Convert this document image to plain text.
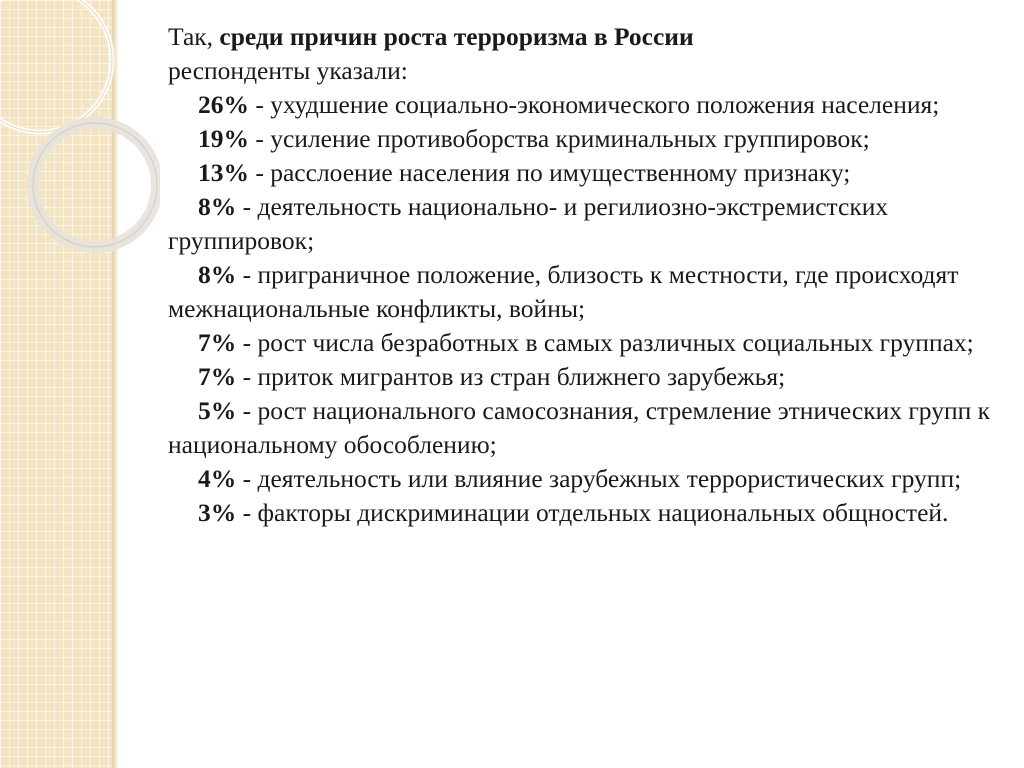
Так, среди причин роста терроризма в России
респонденты указали:

26% - ухудшение социально-экономического положения населения;

19% - усиление противоборства криминальных группировок;

13% - расслоение населения по имущественному признаку;

8% - деятельность национально- и регилиозно-экстремистских группировок;

8% - приграничное положение, близость к местности, где происходят межнациональные конфликты, войны;

7% - рост числа безработных в самых различных социальных группах;

7% - приток мигрантов из стран ближнего зарубежья;

5% - рост национального самосознания, стремление этнических групп к национальному обособлению;

4% - деятельность или влияние зарубежных террористических групп;

3% - факторы дискриминации отдельных национальных общностей.
